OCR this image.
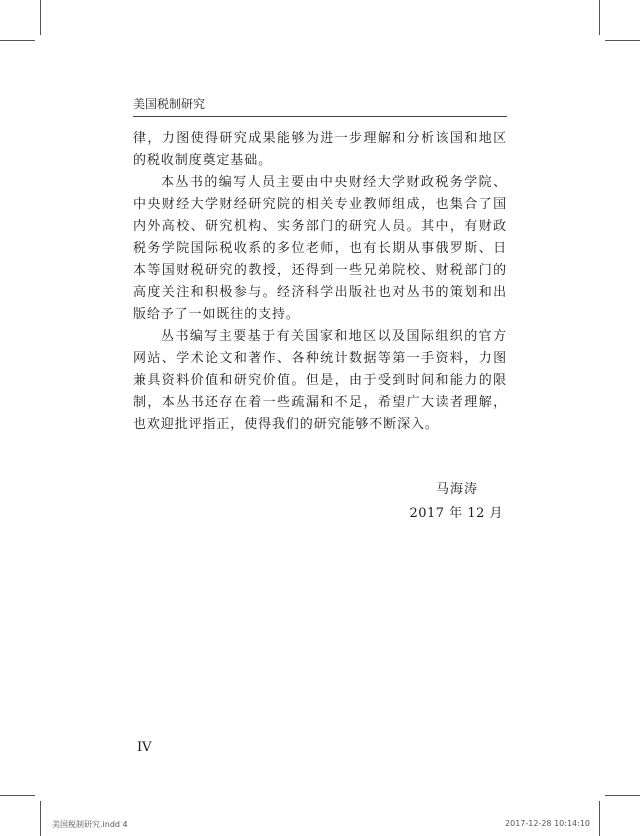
美国税制研究

律，力图使得研究成果能够为进一步理解和分析该国和地区的税收制度奠定基础。

本丛书的编写人员主要由中央财经大学财政税务学院、中央财经大学财经研究院的相关专业教师组成，也集合了国内外高校、研究机构、实务部门的研究人员。其中，有财政税务学院国际税收系的多位老师，也有长期从事俄罗斯、日本等国财税研究的教授，还得到一些兄弟院校、财税部门的高度关注和积极参与。经济科学出版社也对丛书的策划和出版给予了一如既往的支持。

丛书编写主要基于有关国家和地区以及国际组织的官方网站、学术论文和著作、各种统计数据等第一手资料，力图兼具资料价值和研究价值。但是，由于受到时间和能力的限制，本丛书还存在着一些疏漏和不足，希望广大读者理解，也欢迎批评指正，使得我们的研究能够不断深入。

马海涛
2017 年 12 月
IV
美国税制研究.indd 4	2017-12-28 10:14:10
